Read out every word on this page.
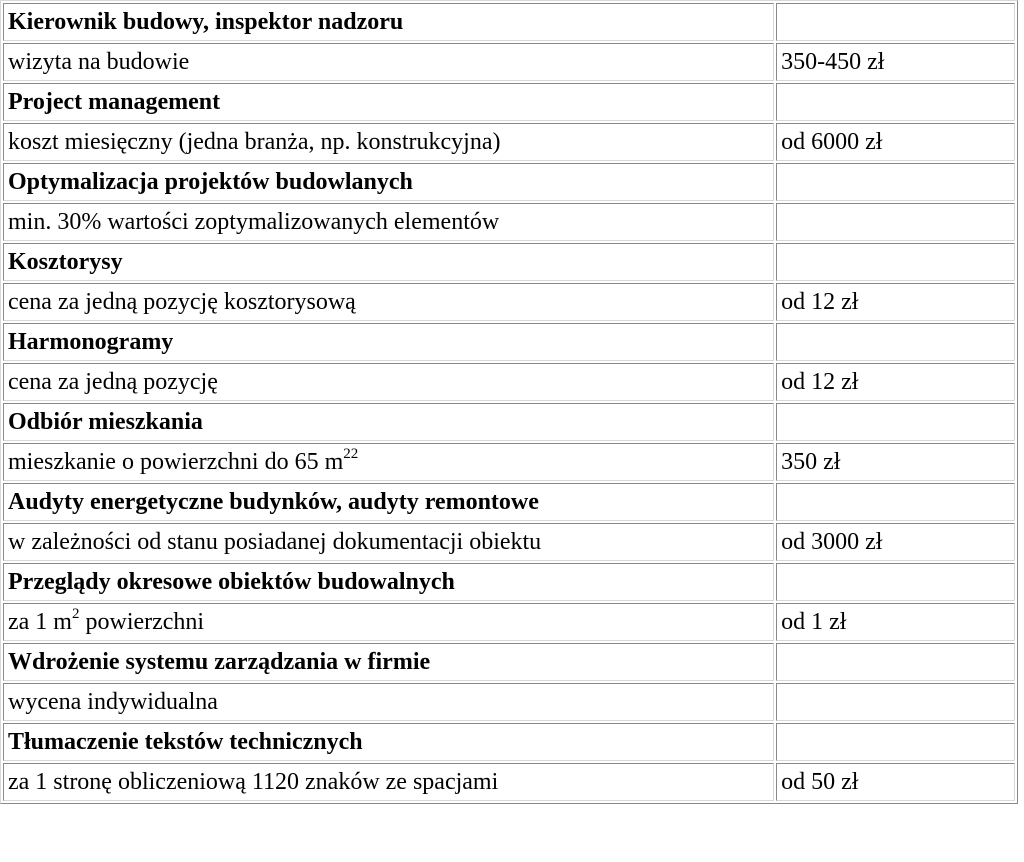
Kierownik budowy, inspektor nadzoru	
wizyta na budowie	350-450 zł
Project management	
koszt miesięczny (jedna branża, np. konstrukcyjna)	od 6000 zł
Optymalizacja projektów budowlanych	
min. 30% wartości zoptymalizowanych elementów	
Kosztorysy	
cena za jedną pozycję kosztorysową	od 12 zł
Harmonogramy	
cena za jedną pozycję	od 12 zł
Odbiór mieszkania	
mieszkanie o powierzchni do 65 $m^{22}$	350 zł
Audyty energetyczne budynków, audyty remontowe	
w zależności od stanu posiadanej dokumentacji obiektu	od 3000 zł
Przeglądy okresowe obiektów budowalnych	
za 1 $m^2$ powierzchni	od 1 zł
Wdrożenie systemu zarządzania w firmie	
wycena indywidualna	
Tłumaczenie tekstów technicznych	
za 1 stronę obliczeniową 1120 znaków ze spacjami	od 50 zł
